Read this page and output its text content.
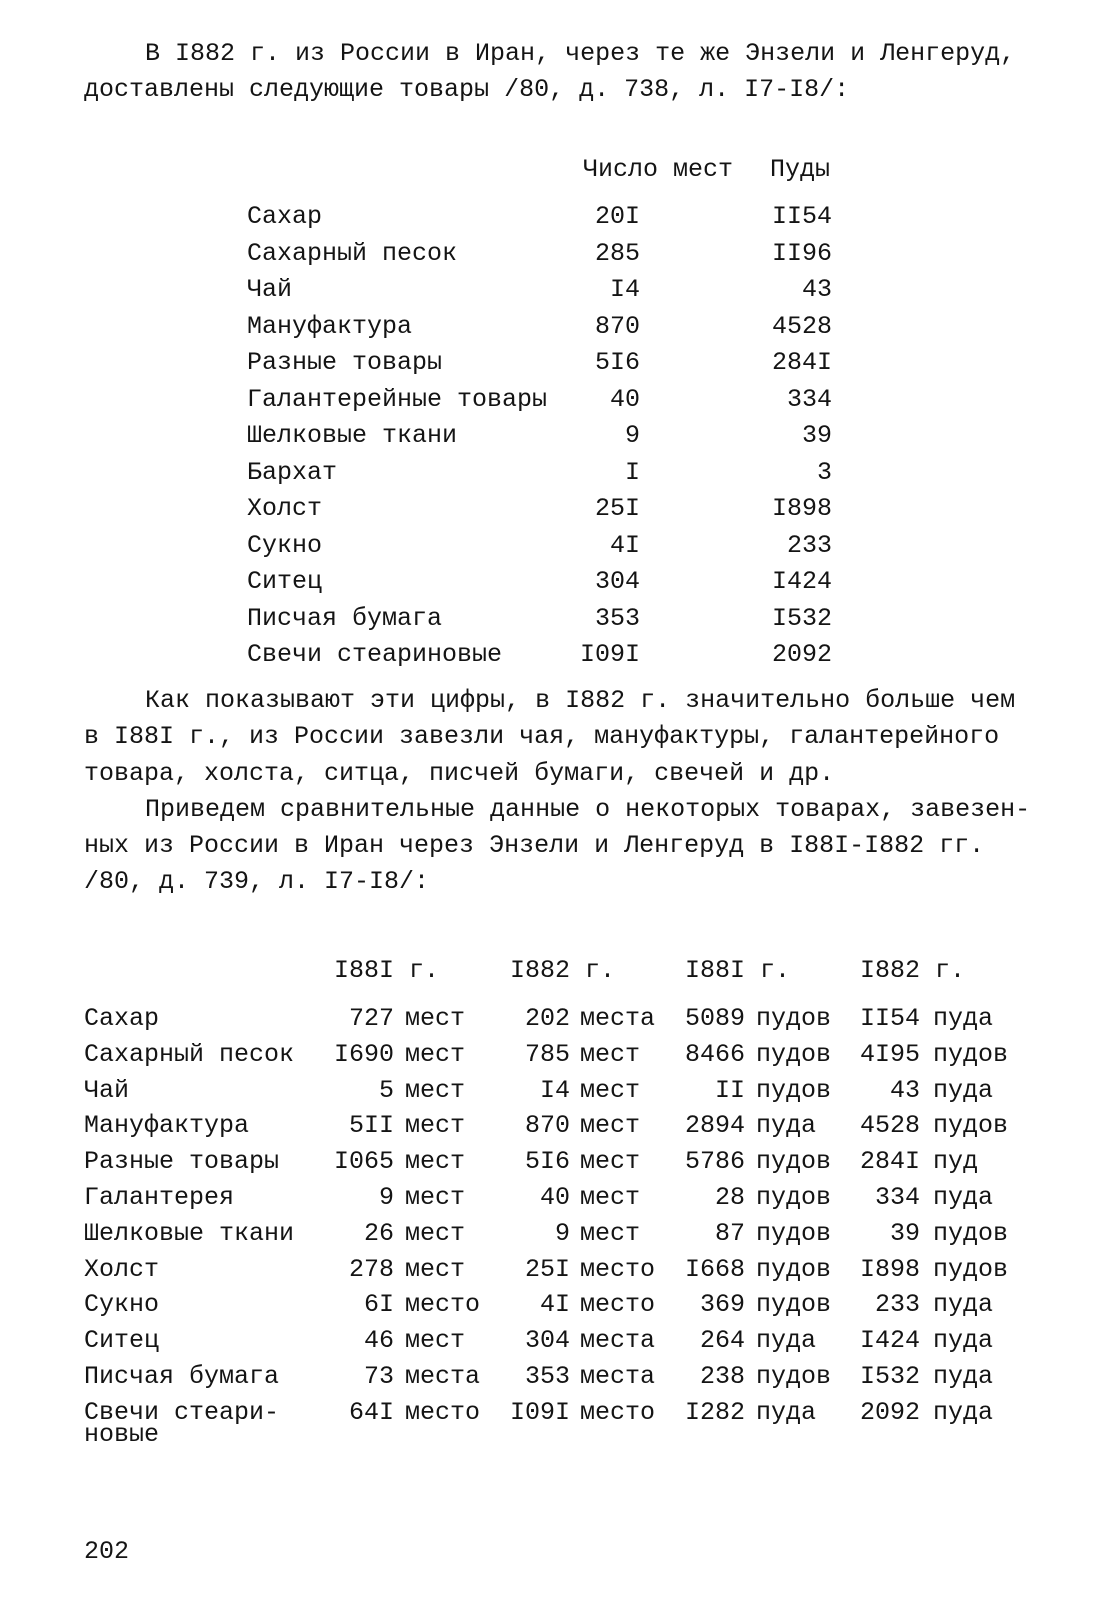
В I882 г. из России в Иран, через те же Энзели и Ленгеруд,
доставлены следующие товары /80, д. 738, л. I7-I8/:
Число мест Пуды
Сахар	20I	II54
Сахарный песок	285	II96
Чай	I4	43
Мануфактура	870	4528
Разные товары	5I6	284I
Галантерейные товары	40	334
Шелковые ткани	9	39
Бархат	I	3
Холст	25I	I898
Сукно	4I	233
Ситец	304	I424
Писчая бумага	353	I532
Свечи стеариновые	I09I	2092
Как показывают эти цифры, в I882 г. значительно больше чем
в I88I г., из России завезли чая, мануфактуры, галантерейного
товара, холста, ситца, писчей бумаги, свечей и др.
Приведем сравнительные данные о некоторых товарах, завезен-
ных из России в Иран через Энзели и Ленгеруд в I88I-I882 гг.
/80, д. 739, л. I7-I8/:
I88I г.	I882 г.	I88I г.	I882 г.
Сахар	727 мест	202 места	5089 пудов	II54 пуда
Сахарный песок	I690 мест	785 мест	8466 пудов	4I95 пудов
Чай	5 мест	I4 мест	II пудов	43 пуда
Мануфактура	5II мест	870 мест	2894 пуда	4528 пудов
Разные товары	I065 мест	5I6 мест	5786 пудов	284I пуд
Галантерея	9 мест	40 мест	28 пудов	334 пуда
Шелковые ткани	26 мест	9 мест	87 пудов	39 пудов
Холст	278 мест	25I место	I668 пудов	I898 пудов
Сукно	6I место	4I место	369 пудов	233 пуда
Ситец	46 мест	304 места	264 пуда	I424 пуда
Писчая бумага	73 места	353 места	238 пудов	I532 пуда
Свечи стеари-
новые
64I место	I09I место	I282 пуда	2092 пуда
202
